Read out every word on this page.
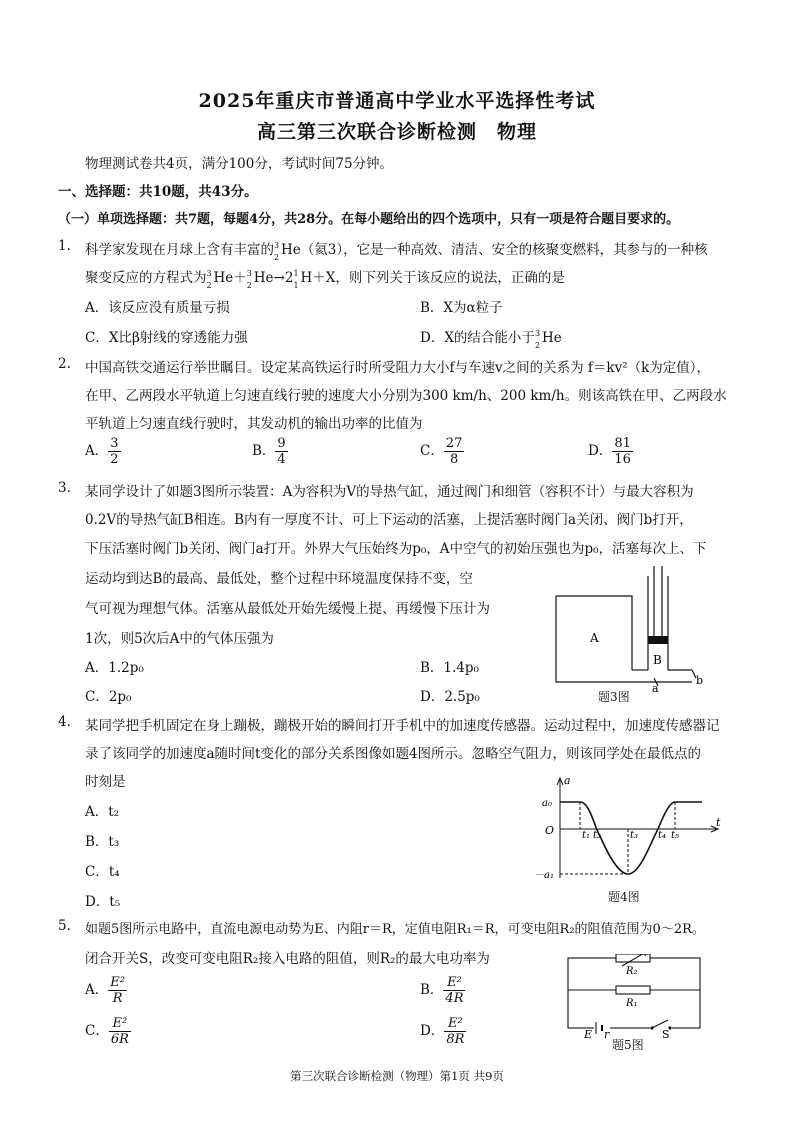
2025年重庆市普通高中学业水平选择性考试
高三第三次联合诊断检测　物理
物理测试卷共4页，满分100分，考试时间75分钟。
一、选择题：共10题，共43分。
（一）单项选择题：共7题，每题4分，共28分。在每小题给出的四个选项中，只有一项是符合题目要求的。
1. 科学家发现在月球上含有丰富的 3
2 He（氦3），它是一种高效、清洁、安全的核聚变燃料，其参与的一种核
聚变反应的方程式为 3
2 He＋ 3
2 He→2 1
1 H＋X，则下列关于该反应的说法，正确的是
A．该反应没有质量亏损	B．X为α粒子
C．X比β射线的穿透能力强	D．X的结合能小于 3
2 He
2. 中国高铁交通运行举世瞩目。设定某高铁运行时所受阻力大小f与车速v之间的关系为 f＝kv²（k为定值），
在甲、乙两段水平轨道上匀速直线行驶的速度大小分别为300 km/h、200 km/h。则该高铁在甲、乙两段水
平轨道上匀速直线行驶时，其发动机的输出功率的比值为
A． $\frac{3}{2}$	B． $\frac{9}{4}$	C． $\frac{27}{8}$	D． $\frac{81}{16}$
3. 某同学设计了如题3图所示装置：A为容积为V的导热气缸，通过阀门和细管（容积不计）与最大容积为
0.2V的导热气缸B相连。B内有一厚度不计、可上下运动的活塞，上提活塞时阀门a关闭、阀门b打开，
下压活塞时阀门b关闭、阀门a打开。外界大气压始终为p₀，A中空气的初始压强也为p₀，活塞每次上、下
运动均到达B的最高、最低处，整个过程中环境温度保持不变，空
气可视为理想气体。活塞从最低处开始先缓慢上提、再缓慢下压计为
1次，则5次后A中的气体压强为
A．1.2p₀	B．1.4p₀
C．2p₀	D．2.5p₀
A
B
a
b
题3图
4. 某同学把手机固定在身上蹦极，蹦极开始的瞬间打开手机中的加速度传感器。运动过程中，加速度传感器记
录了该同学的加速度a随时间t变化的部分关系图像如题4图所示。忽略空气阻力，则该同学处在最低点的
时刻是
A．t₂
B．t₃
C．t₄
D．t₅
a
t
O
a₀
－a₁
t₁ t₂	t₃ t₄ t₅
题4图
5. 如题5图所示电路中，直流电源电动势为E、内阻r＝R，定值电阻R₁＝R，可变电阻R₂的阻值范围为0～2R。
闭合开关S，改变可变电阻R₂接入电路的阻值，则R₂的最大电功率为
A． $\frac{\text{E²}}{R}$	B． $\frac{\text{E²}}{4R}$
C． $\frac{\text{E²}}{6R}$	D． $\frac{\text{E²}}{8R}$
R₂
R₁
E r	S
题5图
第三次联合诊断检测（物理）第1页 共9页
